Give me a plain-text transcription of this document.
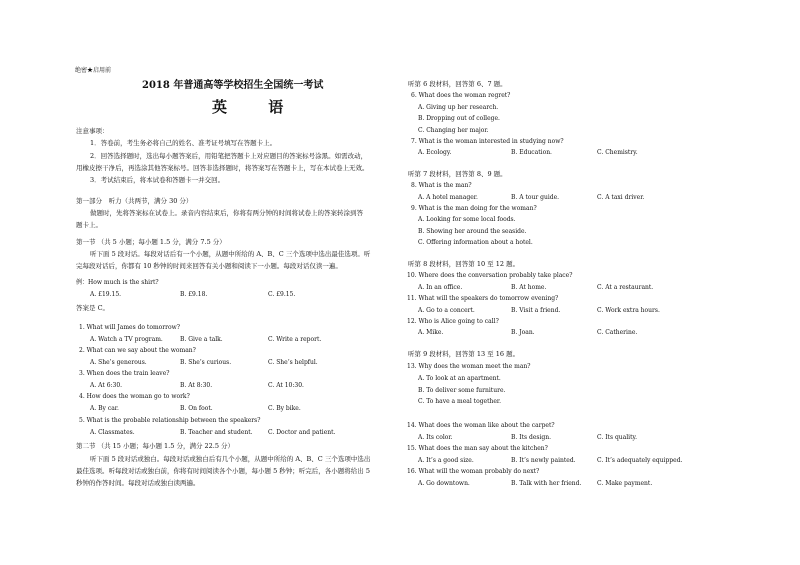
绝密★启用前
2018 年普通高等学校招生全国统一考试
英 语
注意事项：
1．答卷前，考生务必将自己的姓名、准考证号填写在答题卡上。
2．回答选择题时，选出每小题答案后，用铅笔把答题卡上对应题目的答案标号涂黑。如需改动，
用橡皮擦干净后，再选涂其他答案标号。回答非选择题时，将答案写在答题卡上，写在本试卷上无效。
3．考试结束后，将本试卷和答题卡一并交回。
第一部分　听力（共两节，满分 30 分）
做题时，先将答案标在试卷上。录音内容结束后，你将有两分钟的时间将试卷上的答案转涂到答
题卡上。
第一节 （共 5 小题；每小题 1.5 分，满分 7.5 分）
听下面 5 段对话。每段对话后有一个小题，从题中所给的 A、B、C 三个选项中选出最佳选项。听
完每段对话后，你都有 10 秒钟的时间来回答有关小题和阅读下一小题。每段对话仅读一遍。
例：How much is the shirt?
A. £19.15.	B. £9.18.	C. £9.15.
答案是 C。
1. What will James do tomorrow?
A. Watch a TV program.	B. Give a talk.	C. Write a report.
2. What can we say about the woman?
A. She’s generous.	B. She’s curious.	C. She’s helpful.
3. When does the train leave?
A. At 6:30.	B. At 8:30.	C. At 10:30.
4. How does the woman go to work?
A. By car.	B. On foot.	C. By bike.
5. What is the probable relationship between the speakers?
A. Classmates.	B. Teacher and student.	C. Doctor and patient.
第二节 （共 15 小题；每小题 1.5 分，满分 22.5 分）
听下面 5 段对话或独白。每段对话或独白后有几个小题，从题中所给的 A、B、C 三个选项中选出
最佳选项。听每段对话或独白前，你将有时间阅读各个小题，每小题 5 秒钟；听完后，各小题将给出 5
秒钟的作答时间。每段对话或独白读两遍。
听第 6 段材料，回答第 6、7 题。
6. What does the woman regret?
A. Giving up her research.
B. Dropping out of college.
C. Changing her major.
7. What is the woman interested in studying now?
A. Ecology.	B. Education.	C. Chemistry.
听第 7 段材料，回答第 8、9 题。
8. What is the man?
A. A hotel manager.	B. A tour guide.	C. A taxi driver.
9. What is the man doing for the woman?
A. Looking for some local foods.
B. Showing her around the seaside.
C. Offering information about a hotel.
听第 8 段材料，回答第 10 至 12 题。
10. Where does the conversation probably take place?
A. In an office.	B. At home.	C. At a restaurant.
11. What will the speakers do tomorrow evening?
A. Go to a concert.	B. Visit a friend.	C. Work extra hours.
12. Who is Alice going to call?
A. Mike.	B. Joan.	C. Catherine.
听第 9 段材料，回答第 13 至 16 题。
13. Why does the woman meet the man?
A. To look at an apartment.
B. To deliver some furniture.
C. To have a meal together.
14. What does the woman like about the carpet?
A. Its color.	B. Its design.	C. Its quality.
15. What does the man say about the kitchen?
A. It’s a good size.	B. It’s newly painted.	C. It’s adequately equipped.
16. What will the woman probably do next?
A. Go downtown.	B. Talk with her friend.	C. Make payment.
